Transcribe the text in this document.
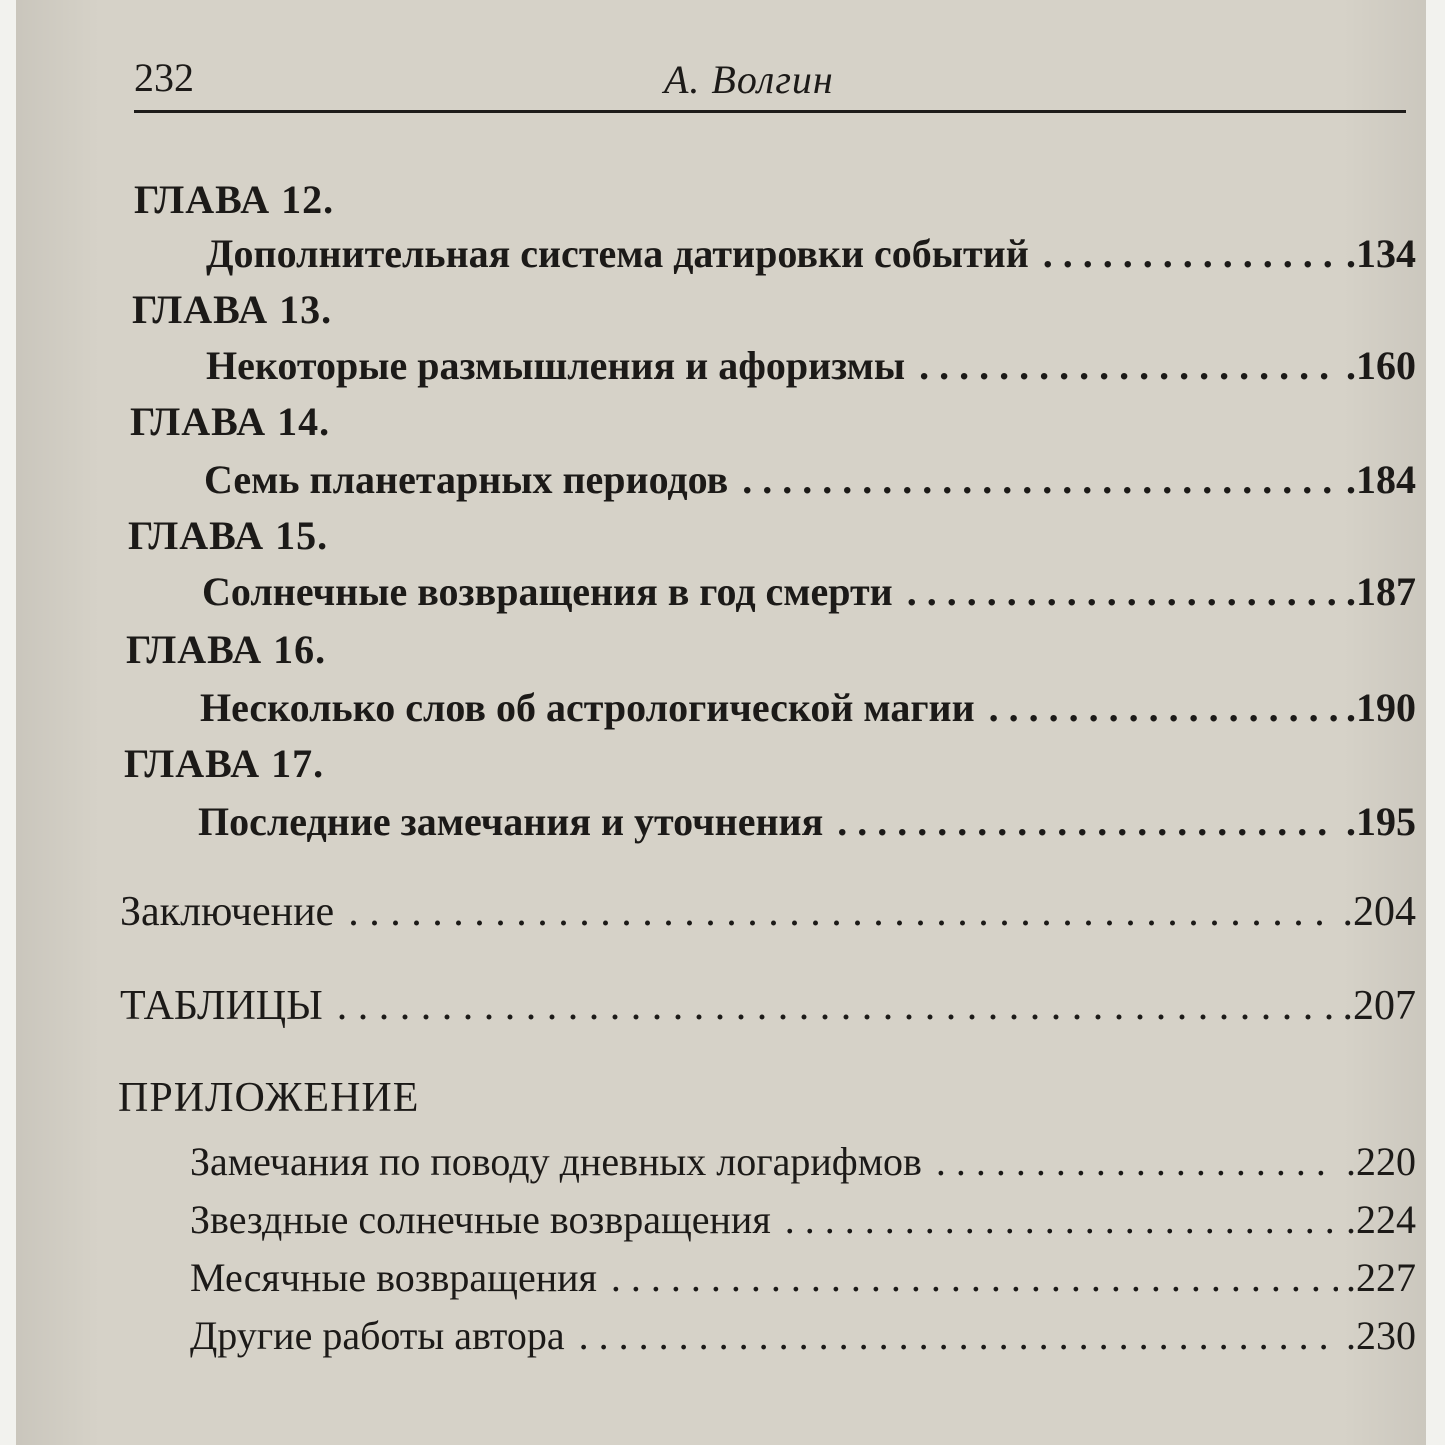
232	А. Волгин
ГЛАВА 12.
Дополнительная система датировки событий . . .	.134
ГЛАВА 13.
Некоторые размышления и афоризмы . . .	.160
ГЛАВА 14.
Семь планетарных периодов . . .	.184
ГЛАВА 15.
Солнечные возвращения в год смерти . . .	.187
ГЛАВА 16.
Несколько слов об астрологической магии . . .	.190
ГЛАВА 17.
Последние замечания и уточнения . . .	.195
Заключение . . .	.204
ТАБЛИЦЫ . . .	.207
ПРИЛОЖЕНИЕ
Замечания по поводу дневных логарифмов . . .	.220
Звездные солнечные возвращения . . .	.224
Месячные возвращения . . .	.227
Другие работы автора . . .	.230
